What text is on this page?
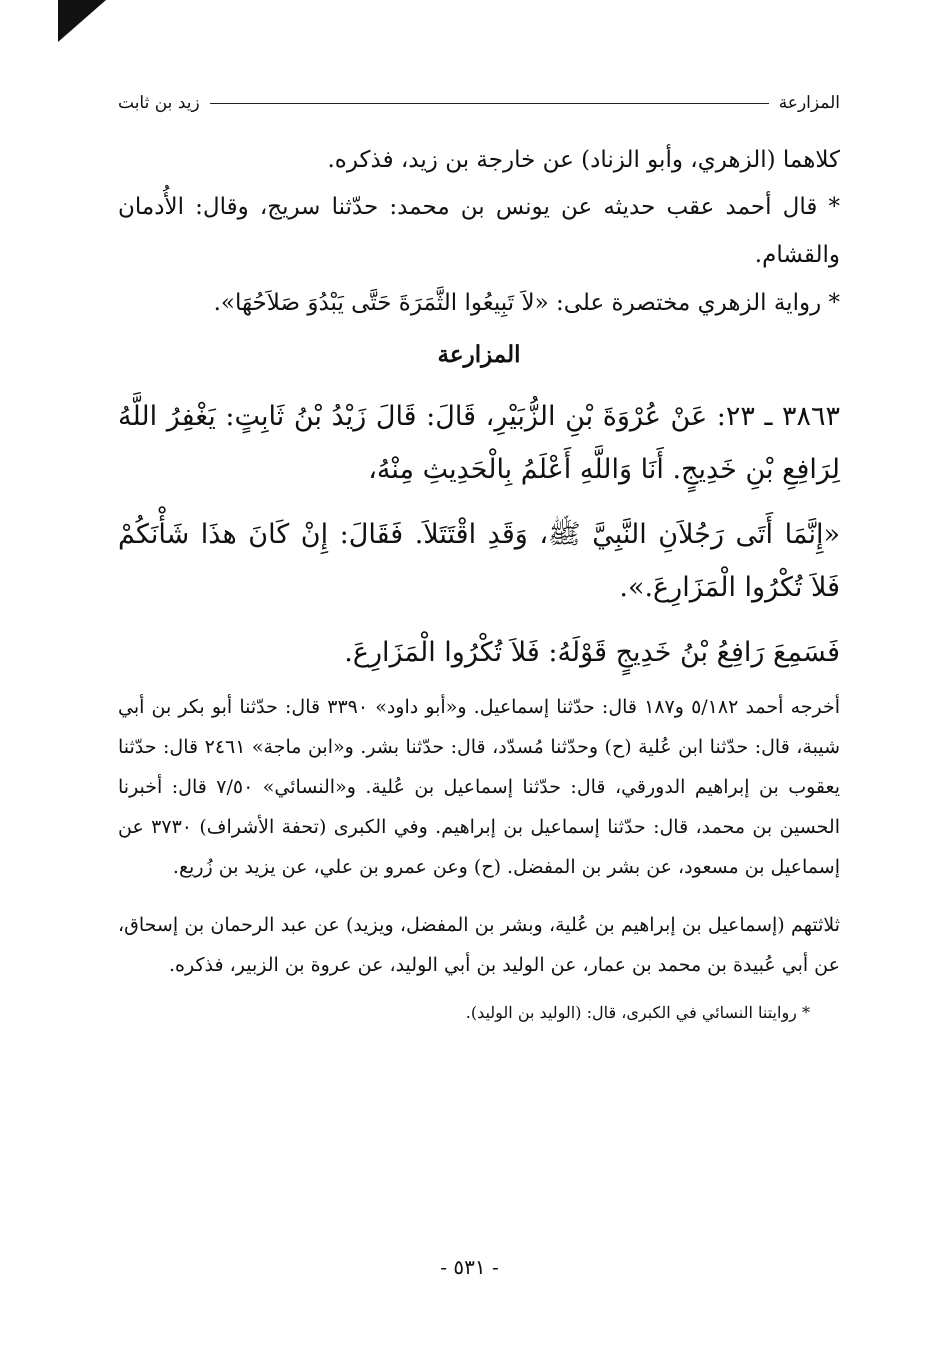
المزارعة
زيد بن ثابت

كلاهما (الزهري، وأبو الزناد) عن خارجة بن زيد، فذكره.

* قال أحمد عقب حديثه عن يونس بن محمد: حدّثنا سريج، وقال: الأُدمان والقشام.

* رواية الزهري مختصرة على: «لاَ تَبِيعُوا الثَّمَرَةَ حَتَّى يَبْدُوَ صَلاَحُهَا».

المزارعة

٣٨٦٣ ـ ٢٣: عَنْ عُرْوَةَ بْنِ الزُّبَيْرِ، قَالَ: قَالَ زَيْدُ بْنُ ثَابِتٍ: يَغْفِرُ اللَّهُ لِرَافِعِ بْنِ خَدِيجٍ. أَنَا وَاللَّهِ أَعْلَمُ بِالْحَدِيثِ مِنْهُ،

«إِنَّمَا أَتَى رَجُلاَنِ النَّبِيَّ ﷺ، وَقَدِ اقْتَتَلاَ. فَقَالَ: إِنْ كَانَ هذَا شَأْنَكُمْ فَلاَ تُكْرُوا الْمَزَارِعَ.».

فَسَمِعَ رَافِعُ بْنُ خَدِيجٍ قَوْلَهُ: فَلاَ تُكْرُوا الْمَزَارِعَ.

أخرجه أحمد ٥/١٨٢ و١٨٧ قال: حدّثنا إسماعيل. و«أبو داود» ٣٣٩٠ قال: حدّثنا أبو بكر بن أبي شيبة، قال: حدّثنا ابن عُلية (ح) وحدّثنا مُسدّد، قال: حدّثنا بشر. و«ابن ماجة» ٢٤٦١ قال: حدّثنا يعقوب بن إبراهيم الدورقي، قال: حدّثنا إسماعيل بن عُلية. و«النسائي» ٧/٥٠ قال: أخبرنا الحسين بن محمد، قال: حدّثنا إسماعيل بن إبراهيم. وفي الكبرى (تحفة الأشراف) ٣٧٣٠ عن إسماعيل بن مسعود، عن بشر بن المفضل. (ح) وعن عمرو بن علي، عن يزيد بن زُريع.

ثلاثتهم (إسماعيل بن إبراهيم بن عُلية، وبشر بن المفضل، ويزيد) عن عبد الرحمان بن إسحاق، عن أبي عُبيدة بن محمد بن عمار، عن الوليد بن أبي الوليد، عن عروة بن الزبير، فذكره.

* روايتنا النسائي في الكبرى، قال: (الوليد بن الوليد).

- ٥٣١ -
